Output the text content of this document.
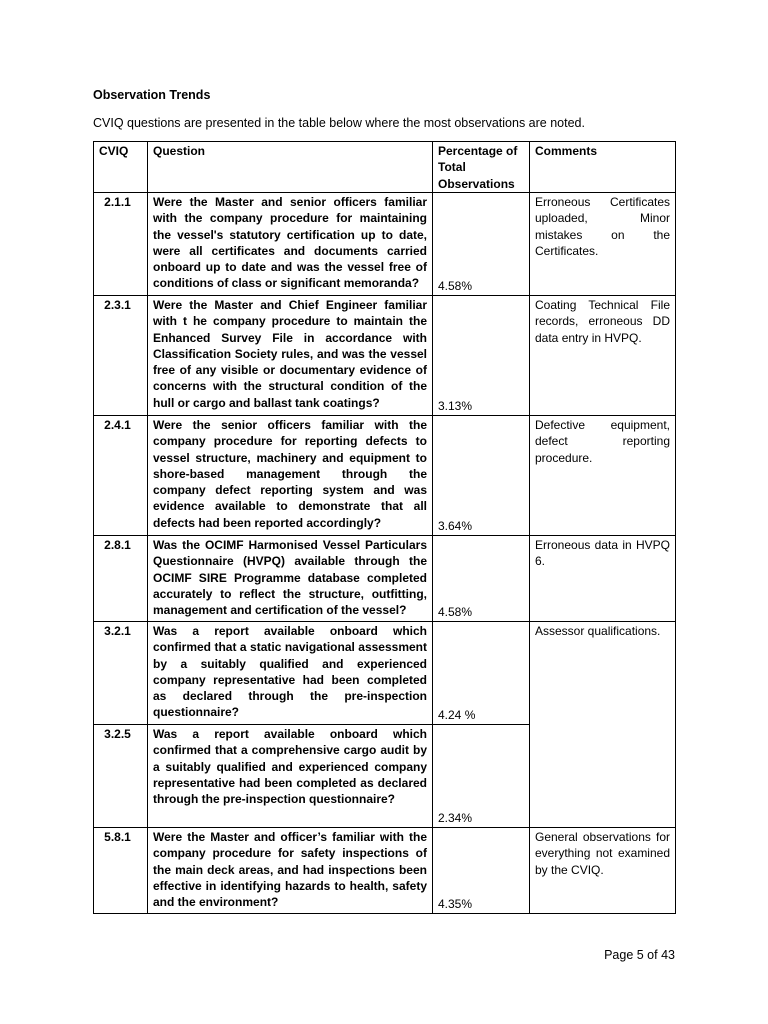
Observation Trends

CVIQ questions are presented in the table below where the most observations are noted.

CVIQ	Question	Percentage of Total Observations	Comments
2.1.1	Were the Master and senior officers familiar with the company procedure for maintaining the vessel's statutory certification up to date, were all certificates and documents carried onboard up to date and was the vessel free of conditions of class or significant memoranda?	4.58%	Erroneous Certificates uploaded, Minor mistakes on the Certificates.
2.3.1	Were the Master and Chief Engineer familiar with t he company procedure to maintain the Enhanced Survey File in accordance with Classification Society rules, and was the vessel free of any visible or documentary evidence of concerns with the structural condition of the hull or cargo and ballast tank coatings?	3.13%	Coating Technical File records, erroneous DD data entry in HVPQ.
2.4.1	Were the senior officers familiar with the company procedure for reporting defects to vessel structure, machinery and equipment to shore-based management through the company defect reporting system and was evidence available to demonstrate that all defects had been reported accordingly?	3.64%	Defective equipment, defect reporting procedure.
2.8.1	Was the OCIMF Harmonised Vessel Particulars Questionnaire (HVPQ) available through the OCIMF SIRE Programme database completed accurately to reflect the structure, outfitting, management and certification of the vessel?	4.58%	Erroneous data in HVPQ 6.
3.2.1	Was a report available onboard which confirmed that a static navigational assessment by a suitably qualified and experienced company representative had been completed as declared through the pre-inspection questionnaire?	4.24 %	Assessor qualifications.
3.2.5	Was a report available onboard which confirmed that a comprehensive cargo audit by a suitably qualified and experienced company representative had been completed as declared through the pre-inspection questionnaire?	2.34%	
5.8.1	Were the Master and officer’s familiar with the company procedure for safety inspections of the main deck areas, and had inspections been effective in identifying hazards to health, safety and the environment?	4.35%	General observations for everything not examined by the CVIQ.

Page 5 of 43
